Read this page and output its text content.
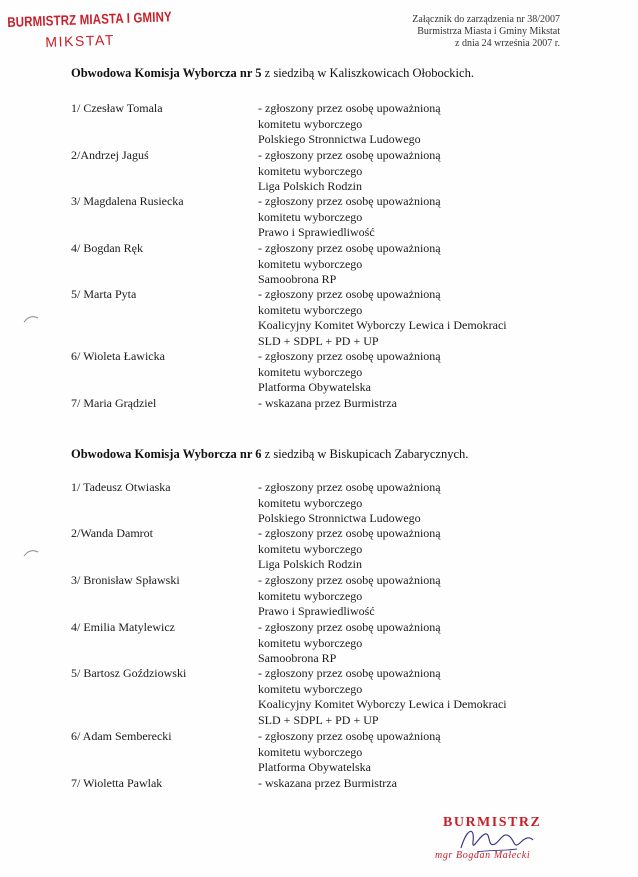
BURMISTRZ MIASTA I GMINY
MIKSTAT
Załącznik do zarządzenia nr 38/2007
Burmistrza Miasta i Gminy Mikstat
z dnia 24 września 2007 r.
Obwodowa Komisja Wyborcza nr 5 z siedzibą w Kaliszkowicach Ołobockich.
1/ Czesław Tomala	- zgłoszony przez osobę upoważnioną
komitetu wyborczego
Polskiego Stronnictwa Ludowego
2/Andrzej Jaguś	- zgłoszony przez osobę upoważnioną
komitetu wyborczego
Liga Polskich Rodzin
3/ Magdalena Rusiecka	- zgłoszony przez osobę upoważnioną
komitetu wyborczego
Prawo i Sprawiedliwość
4/ Bogdan Ręk	- zgłoszony przez osobę upoważnioną
komitetu wyborczego
Samoobrona RP
5/ Marta Pyta	- zgłoszony przez osobę upoważnioną
komitetu wyborczego
Koalicyjny Komitet Wyborczy Lewica i Demokraci
SLD + SDPL + PD + UP
6/ Wioleta Ławicka	- zgłoszony przez osobę upoważnioną
komitetu wyborczego
Platforma Obywatelska
7/ Maria Grądziel	- wskazana przez Burmistrza
Obwodowa Komisja Wyborcza nr 6 z siedzibą w Biskupicach Zabarycznych.
1/ Tadeusz Otwiaska	- zgłoszony przez osobę upoważnioną
komitetu wyborczego
Polskiego Stronnictwa Ludowego
2/Wanda Damrot	- zgłoszony przez osobę upoważnioną
komitetu wyborczego
Liga Polskich Rodzin
3/ Bronisław Spławski	- zgłoszony przez osobę upoważnioną
komitetu wyborczego
Prawo i Sprawiedliwość
4/ Emilia Matylewicz	- zgłoszony przez osobę upoważnioną
komitetu wyborczego
Samoobrona RP
5/ Bartosz Goździowski	- zgłoszony przez osobę upoważnioną
komitetu wyborczego
Koalicyjny Komitet Wyborczy Lewica i Demokraci
SLD + SDPL + PD + UP
6/ Adam Semberecki	- zgłoszony przez osobę upoważnioną
komitetu wyborczego
Platforma Obywatelska
7/ Wioletta Pawlak	- wskazana przez Burmistrza
BURMISTRZ
mgr Bogdan Małecki
